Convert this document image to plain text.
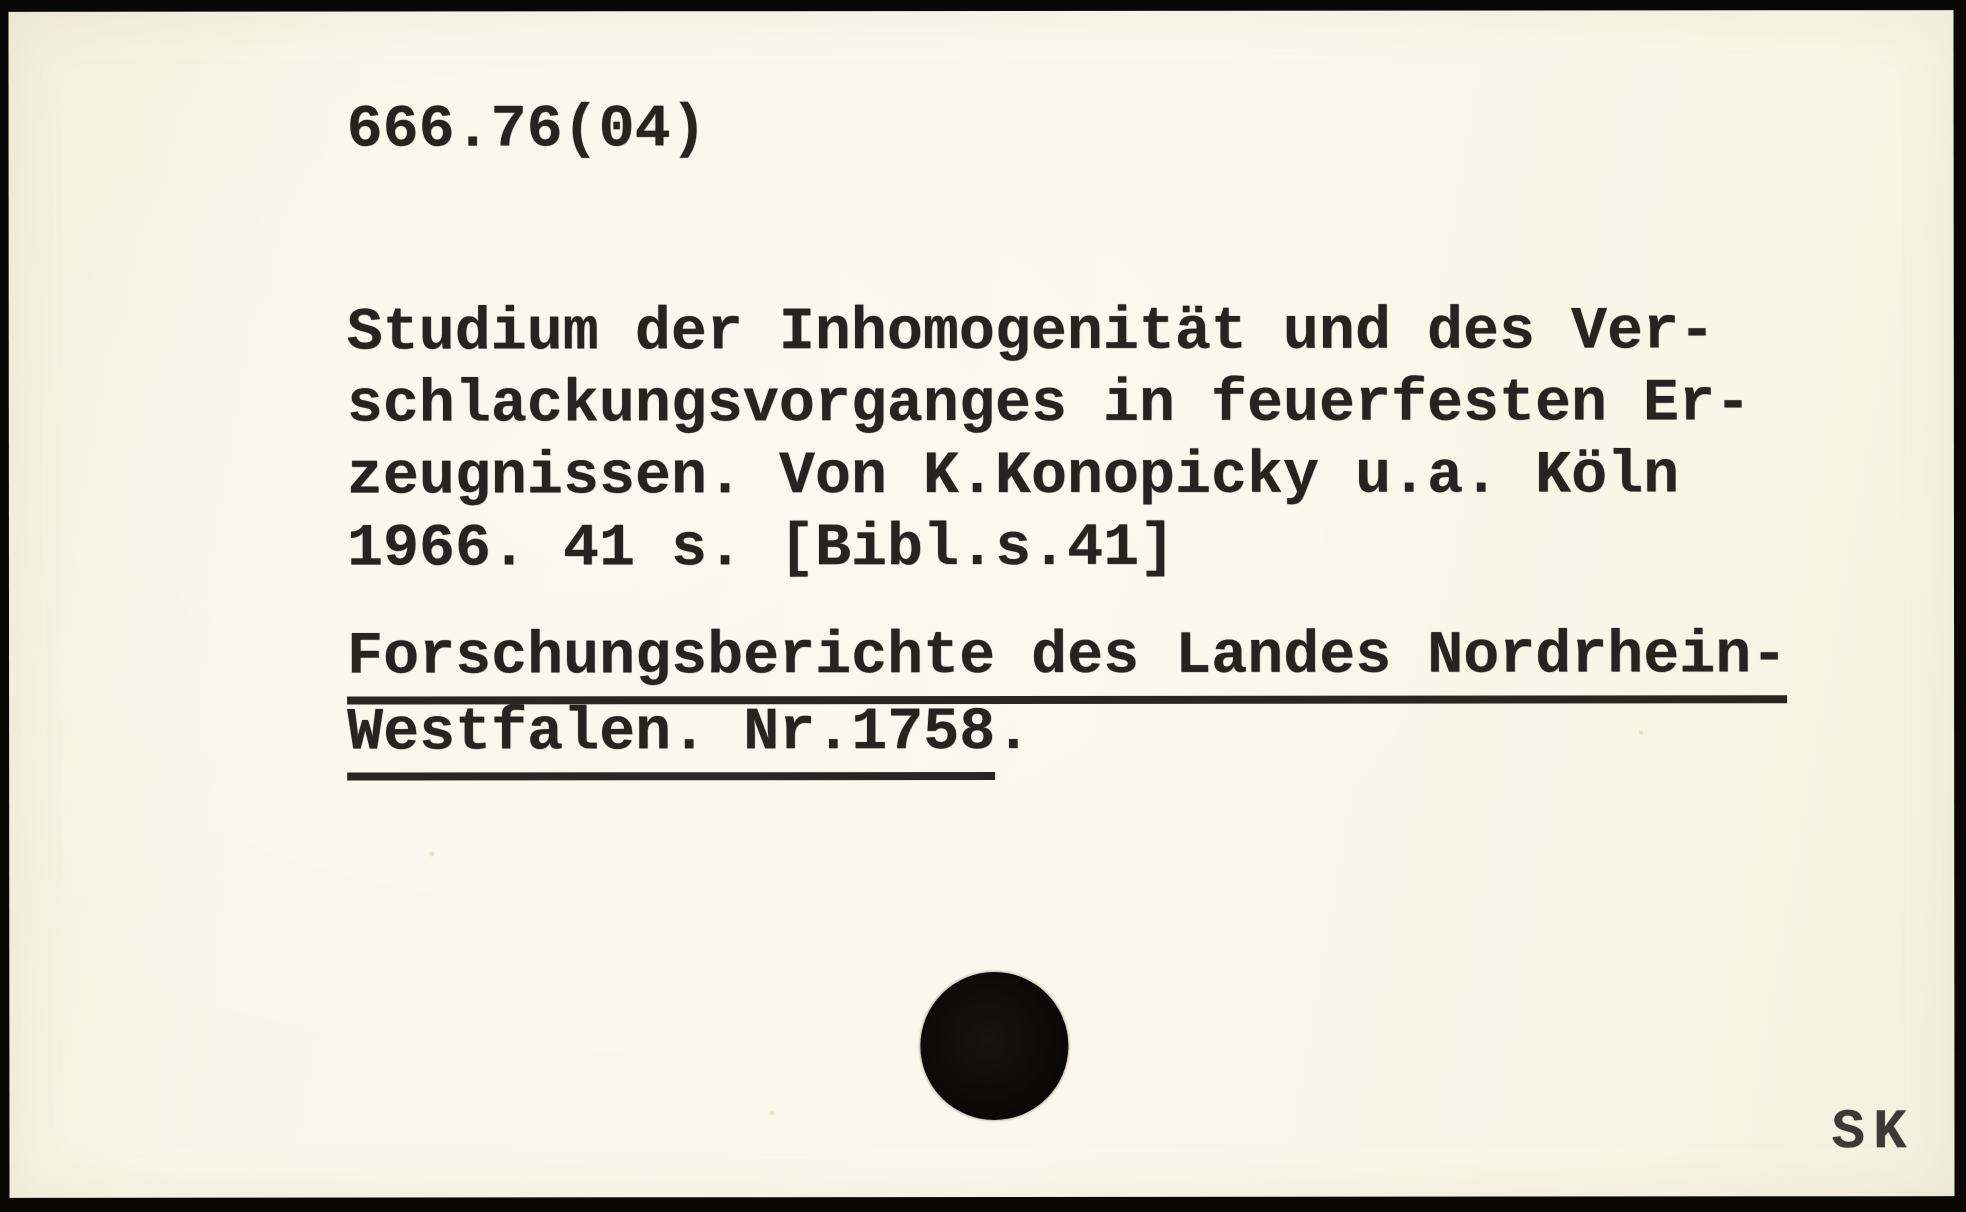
666.76(04)
Studium der Inhomogenität und des Ver-
schlackungsvorganges in feuerfesten Er-
zeugnissen. Von K.Konopicky u.a. Köln
1966. 41 s. [Bibl.s.41]
Forschungsberichte des Landes Nordrhein-
Westfalen. Nr.1758.
SK
